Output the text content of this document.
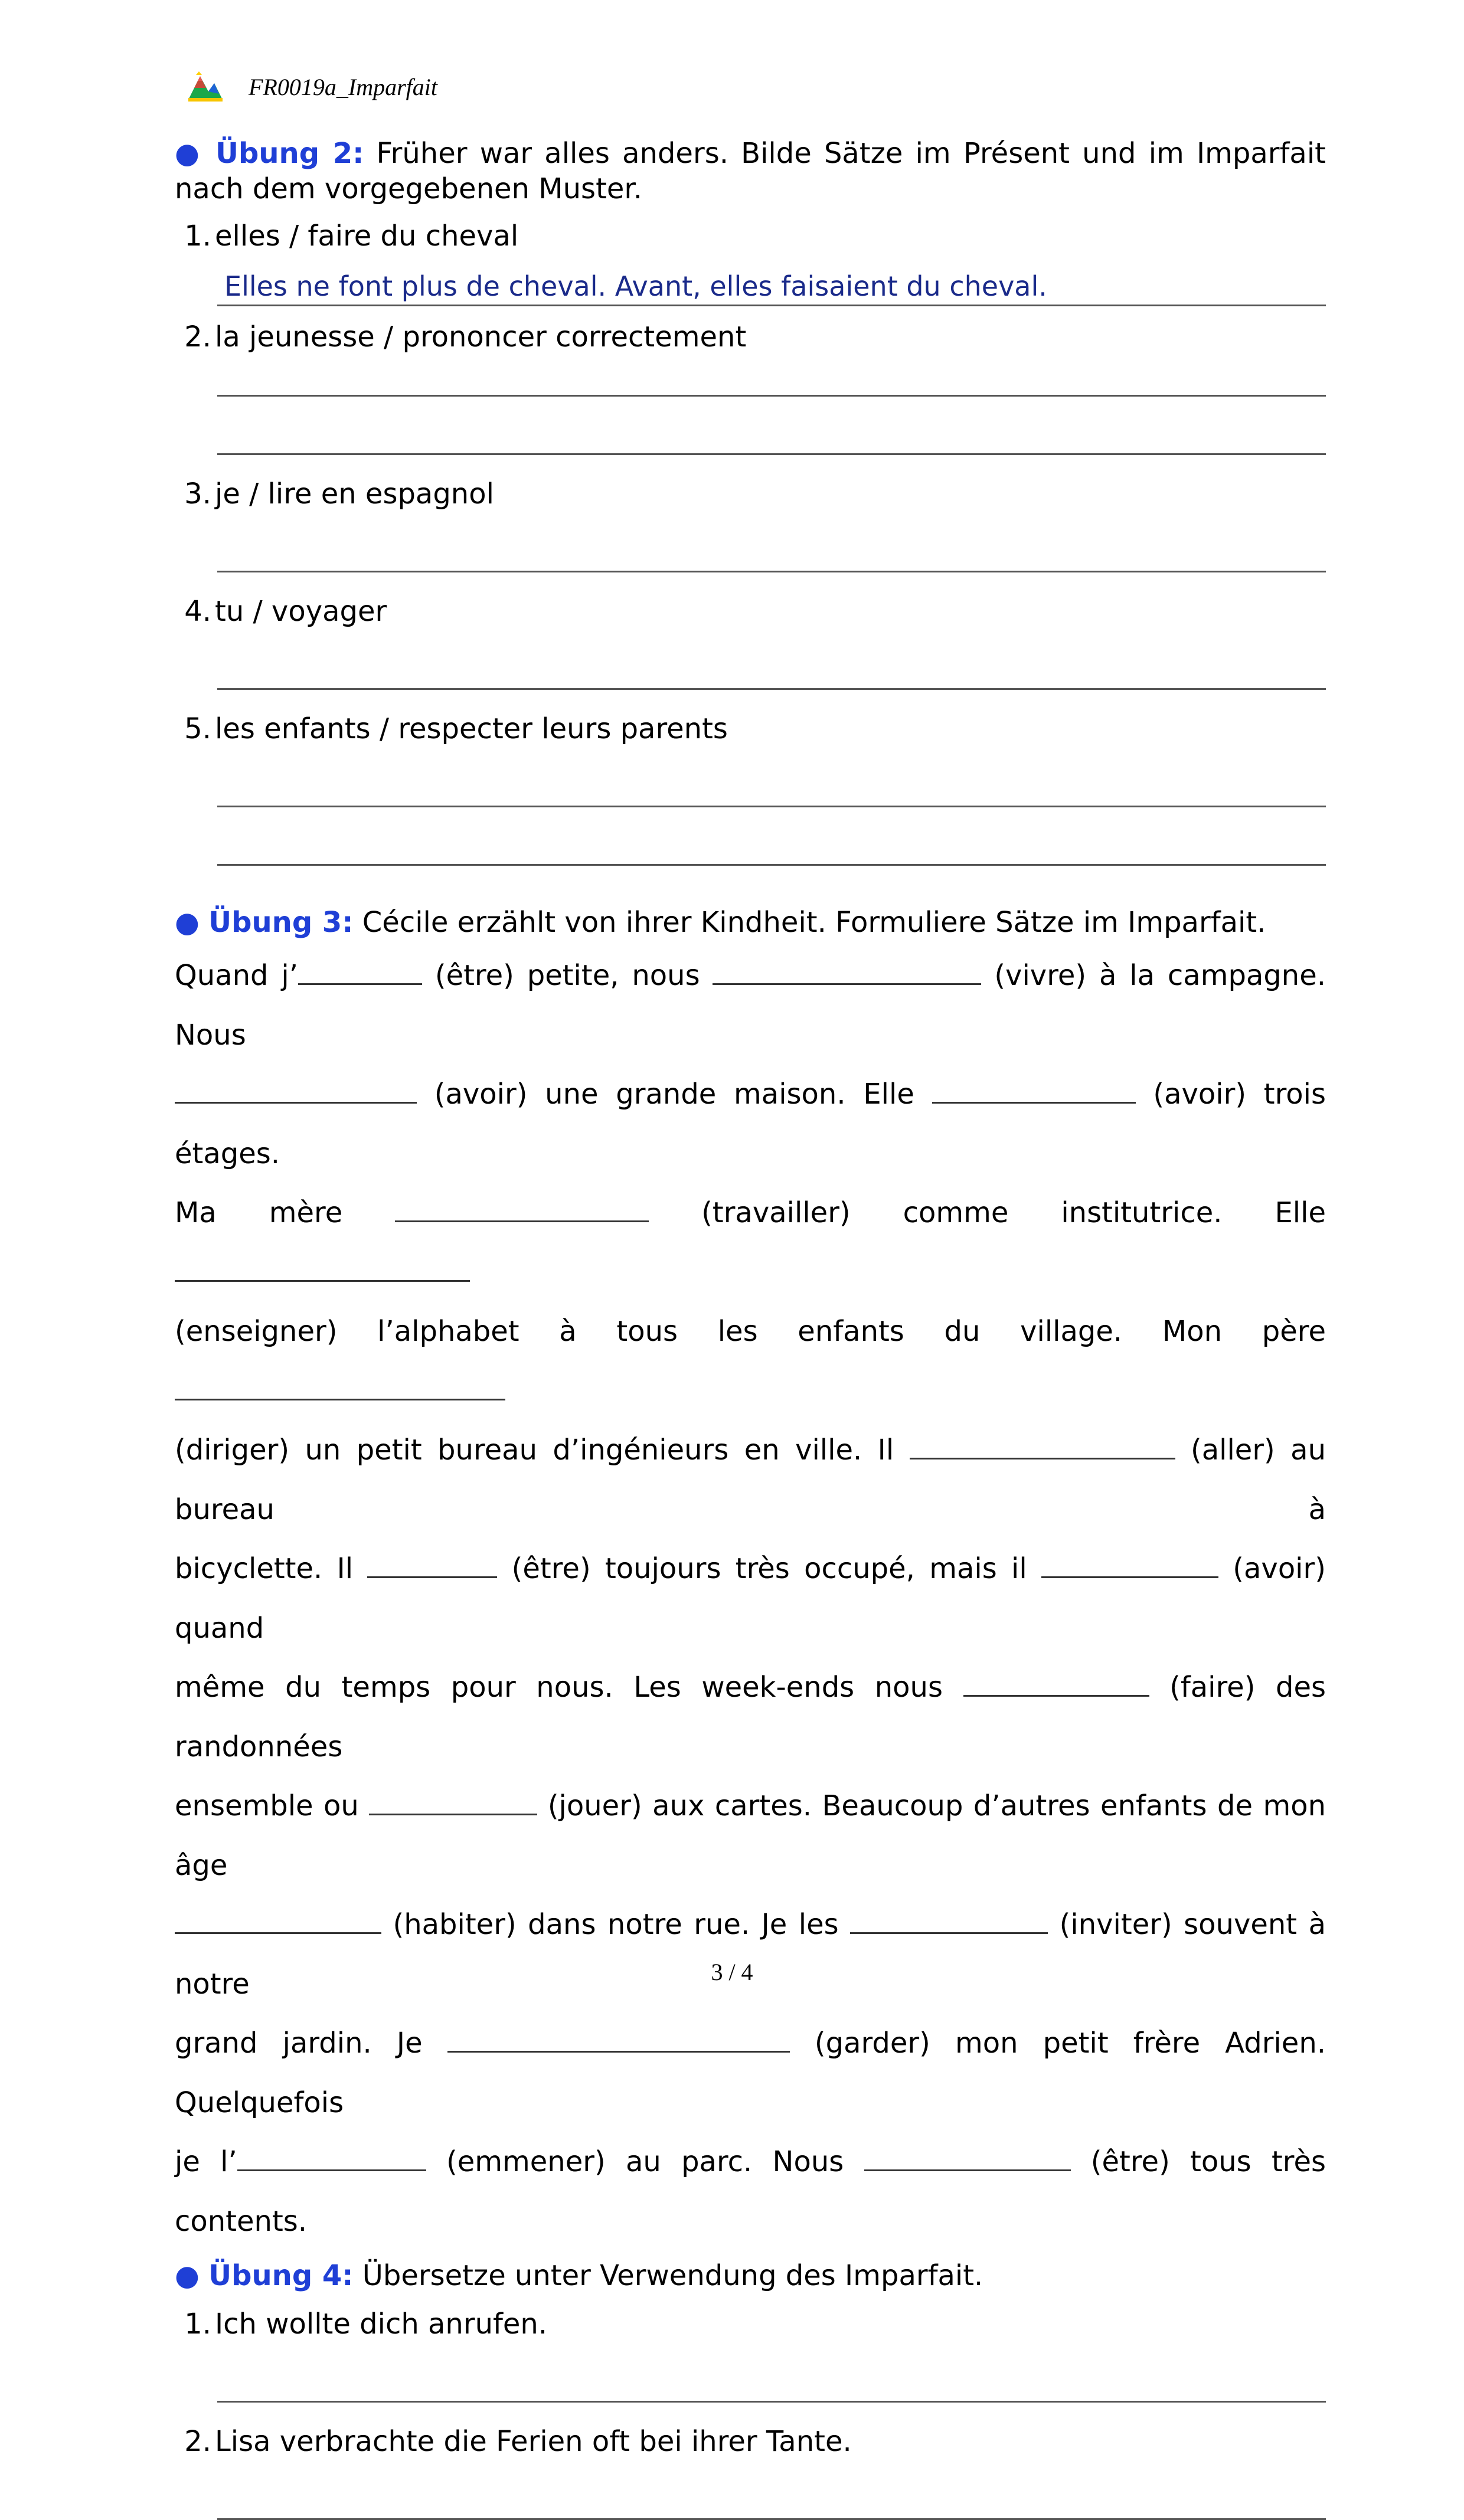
FR0019a_Imparfait
● Übung 2: Früher war alles anders. Bilde Sätze im Présent und im Imparfait nach dem vorgegebenen Muster.
1. elles / faire du cheval
Elles ne font plus de cheval. Avant, elles faisaient du cheval.
2. la jeunesse / prononcer correctement
3. je / lire en espagnol
4. tu / voyager
5. les enfants / respecter leurs parents
● Übung 3: Cécile erzählt von ihrer Kindheit. Formuliere Sätze im Imparfait.

Quand j’	(être) petite, nous	(vivre) à la campagne. Nous

(avoir) une grande maison. Elle	(avoir) trois étages.

Ma mère	(travailler) comme institutrice. Elle

(enseigner) l’alphabet à tous les enfants du village. Mon père

(diriger) un petit bureau d’ingénieurs en ville. Il	(aller) au bureau à

bicyclette. Il	(être) toujours très occupé, mais il	(avoir) quand

même du temps pour nous. Les week-ends nous	(faire) des randonnées

ensemble ou	(jouer) aux cartes. Beaucoup d’autres enfants de mon âge

(habiter) dans notre rue. Je les	(inviter) souvent à notre

grand jardin. Je	(garder) mon petit frère Adrien. Quelquefois

je l’	(emmener) au parc. Nous	(être) tous très contents.

● Übung 4: Übersetze unter Verwendung des Imparfait.
1. Ich wollte dich anrufen.
2. Lisa verbrachte die Ferien oft bei ihrer Tante.
3 / 4
